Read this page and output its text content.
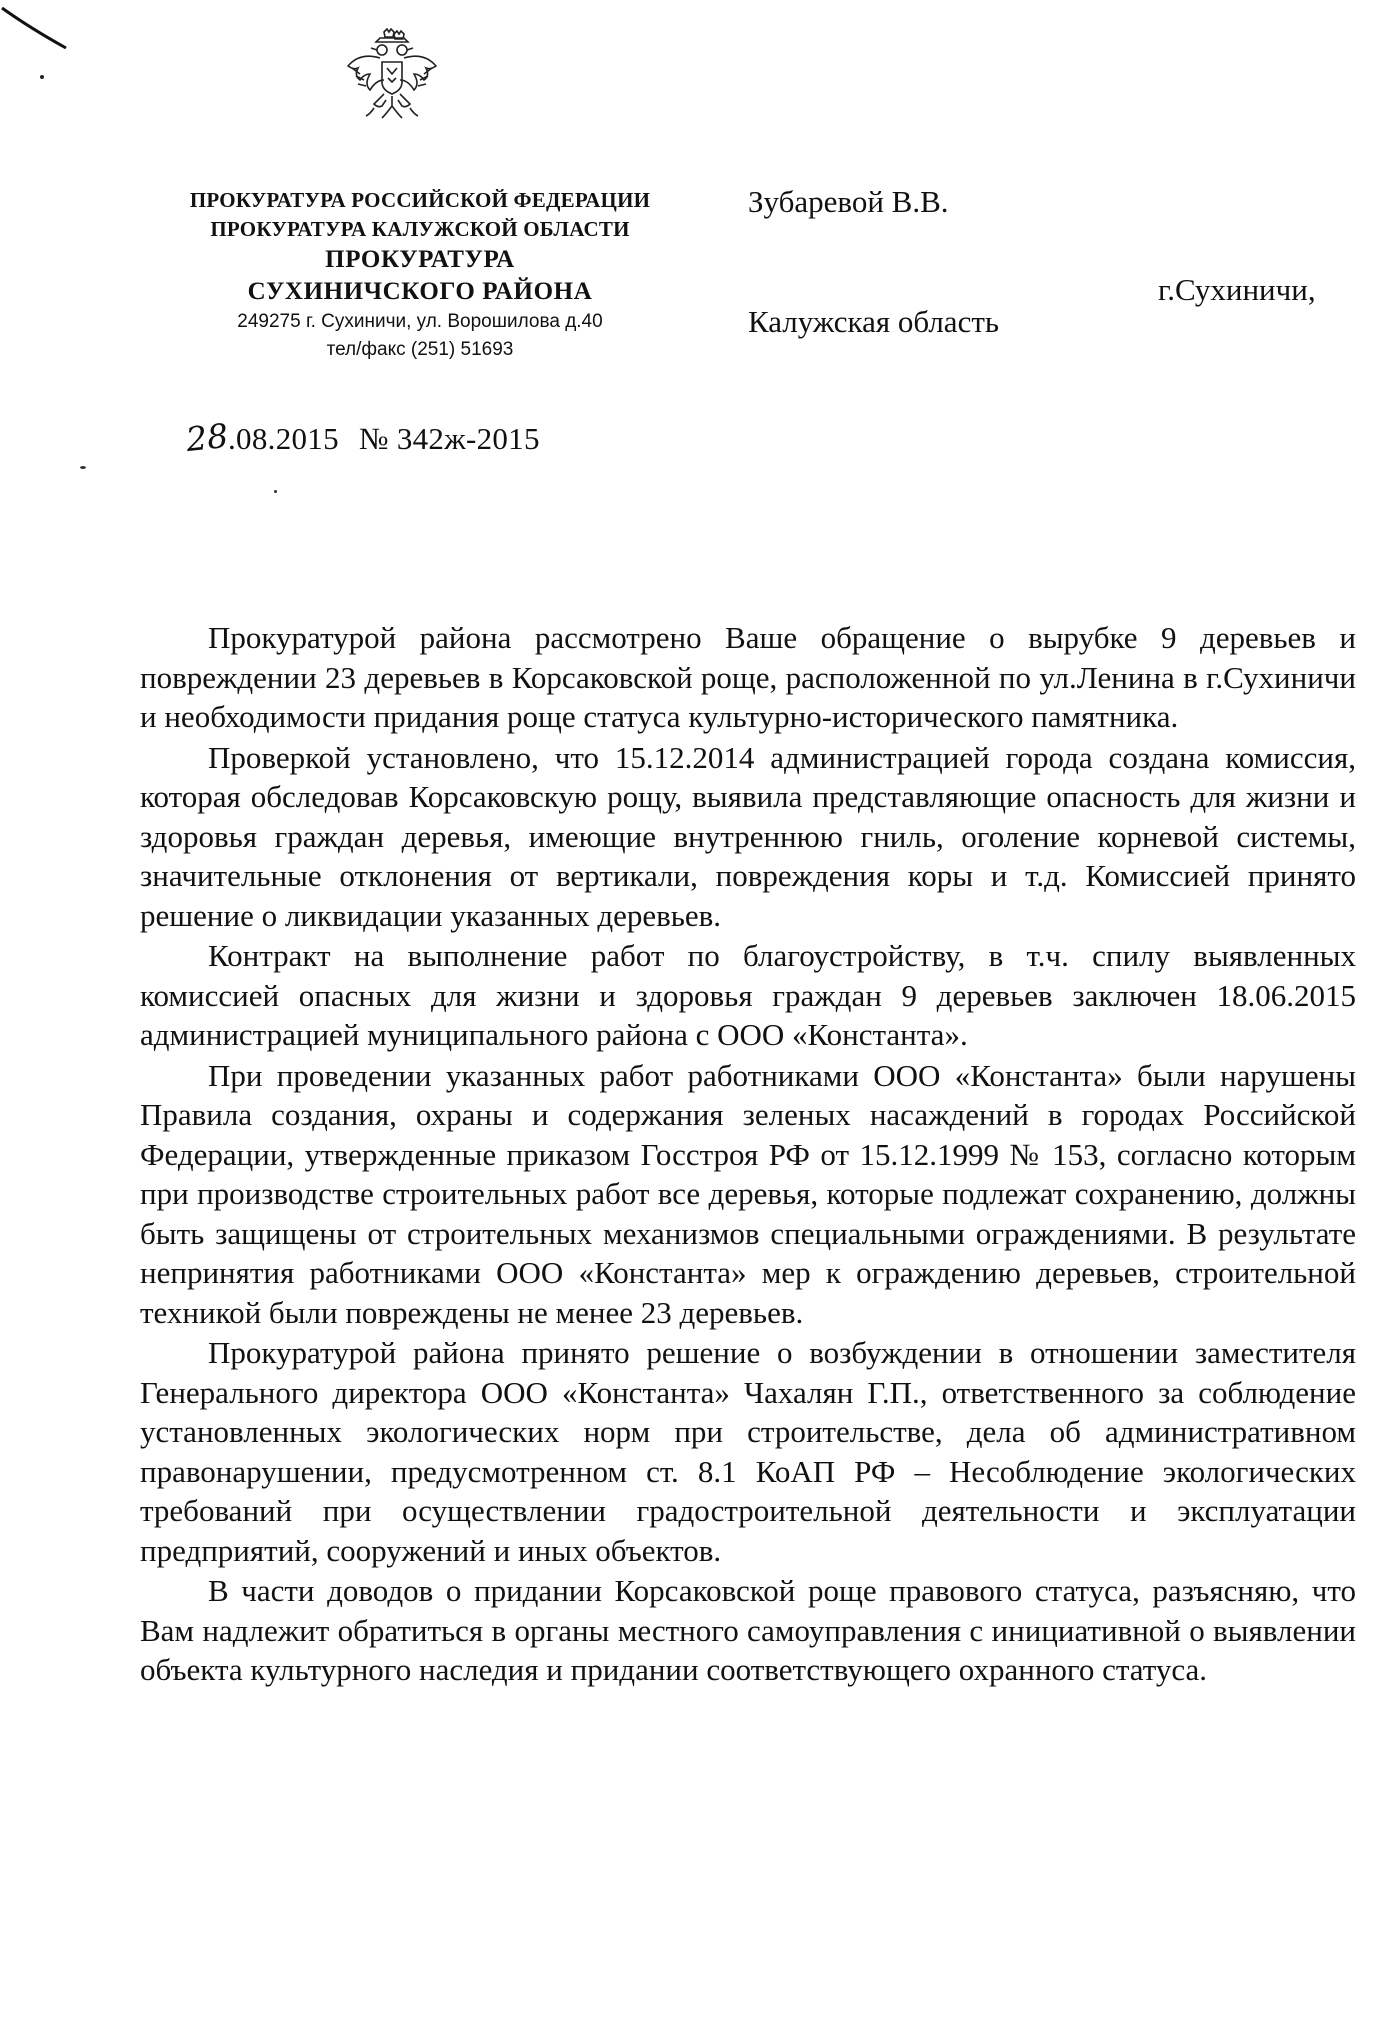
ПРОКУРАТУРА РОССИЙСКОЙ ФЕДЕРАЦИИ
ПРОКУРАТУРА КАЛУЖСКОЙ ОБЛАСТИ
ПРОКУРАТУРА
СУХИНИЧСКОГО РАЙОНА
249275 г. Сухиничи, ул. Ворошилова д.40
тел/факс (251) 51693
Зубаревой В.В.
г.Сухиничи,
Калужская область
28.08.2015 № 342ж-2015

Прокуратурой района рассмотрено Ваше обращение о вырубке 9 деревьев и повреждении 23 деревьев в Корсаковской роще, расположенной по ул.Ленина в г.Сухиничи и необходимости придания роще статуса культурно-исторического памятника.

Проверкой установлено, что 15.12.2014 администрацией города создана комиссия, которая обследовав Корсаковскую рощу, выявила представляющие опасность для жизни и здоровья граждан деревья, имеющие внутреннюю гниль, оголение корневой системы, значительные отклонения от вертикали, повреждения коры и т.д. Комиссией принято решение о ликвидации указанных деревьев.

Контракт на выполнение работ по благоустройству, в т.ч. спилу выявленных комиссией опасных для жизни и здоровья граждан 9 деревьев заключен 18.06.2015 администрацией муниципального района с ООО «Константа».

При проведении указанных работ работниками ООО «Константа» были нарушены Правила создания, охраны и содержания зеленых насаждений в городах Российской Федерации, утвержденные приказом Госстроя РФ от 15.12.1999 № 153, согласно которым при производстве строительных работ все деревья, которые подлежат сохранению, должны быть защищены от строительных механизмов специальными ограждениями. В результате непринятия работниками ООО «Константа» мер к ограждению деревьев, строительной техникой были повреждены не менее 23 деревьев.

Прокуратурой района принято решение о возбуждении в отношении заместителя Генерального директора ООО «Константа» Чахалян Г.П., ответственного за соблюдение установленных экологических норм при строительстве, дела об административном правонарушении, предусмотренном ст. 8.1 КоАП РФ – Несоблюдение экологических требований при осуществлении градостроительной деятельности и эксплуатации предприятий, сооружений и иных объектов.

В части доводов о придании Корсаковской роще правового статуса, разъясняю, что Вам надлежит обратиться в органы местного самоуправления с инициативной о выявлении объекта культурного наследия и придании соответствующего охранного статуса.
